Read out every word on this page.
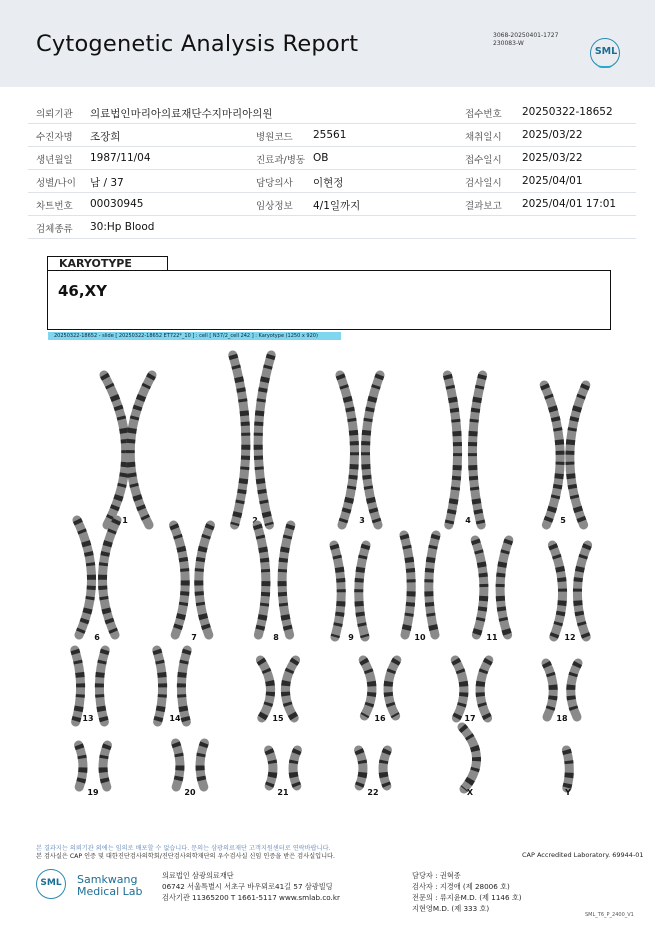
Cytogenetic Analysis Report	3068-20250401-1727
230083-W
SML
의뢰기관 의료법인마리아의료재단수지마리아의원	접수번호 20250322-18652
수진자명 조장희	병원코드 25561	채취일시 2025/03/22
생년월일 1987/11/04	진료과/병동 OB	접수일시 2025/03/22
성별/나이 남 / 37	담당의사 이현정	검사일시 2025/04/01
차트번호 00030945	임상정보 4/1일까지	결과보고 2025/04/01 17:01
검체종류 30:Hp Blood
KARYOTYPE
46,XY
20250322-18652 - slide [ 20250322-18652 ET722*_10 ] : cell [ N37/2_cell 242 ] : Karyotype (1250 x 920)
1	2	3	4	5
6	7	8	9	10	11	12
13	14	15	16	17	18
19	20	21	22	X	Y
본 결과지는 의뢰기관 외에는 임의로 배포할 수 없습니다. 문의는 삼광의료재단 고객지원센터로 연락바랍니다.
본 검사실은 CAP 인증 및 대한진단검사의학회/진단검사의학재단의 우수검사실 신임 인증을 받은 검사실입니다.	CAP Accredited Laboratory. 69944-01
SML	Samkwang
Medical Lab
의료법인 삼광의료재단
06742 서울특별시 서초구 바우뫼로41길 57 삼광빌딩
검사기관 11365200 T 1661-5117 www.smlab.co.kr
담당자 : 권혁종
검사자 : 지경애 (제 28006 호)
전문의 : 류지윤M.D. (제 1146 호)
지현영M.D. (제 333 호)
SML_T6_P_2400_V1
